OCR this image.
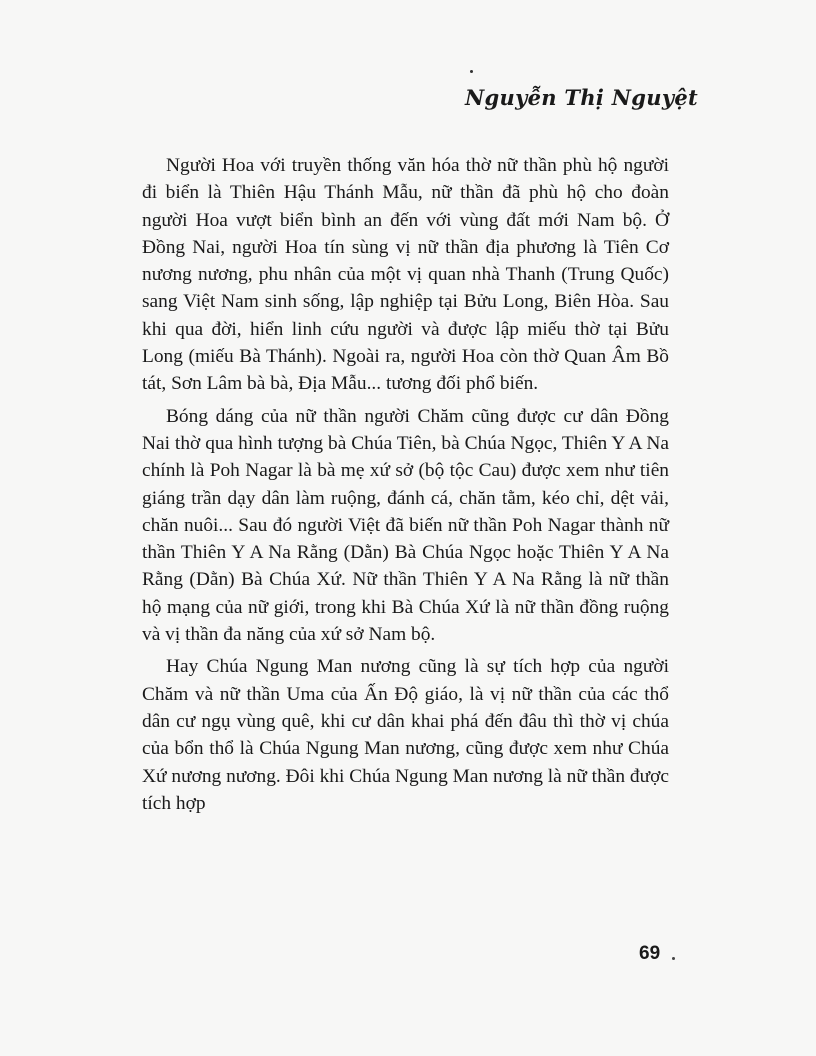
Nguyễn Thị Nguyệt

Người Hoa với truyền thống văn hóa thờ nữ thần phù hộ người đi biển là Thiên Hậu Thánh Mẫu, nữ thần đã phù hộ cho đoàn người Hoa vượt biển bình an đến với vùng đất mới Nam bộ. Ở Đồng Nai, người Hoa tín sùng vị nữ thần địa phương là Tiên Cơ nương nương, phu nhân của một vị quan nhà Thanh (Trung Quốc) sang Việt Nam sinh sống, lập nghiệp tại Bửu Long, Biên Hòa. Sau khi qua đời, hiển linh cứu người và được lập miếu thờ tại Bửu Long (miếu Bà Thánh). Ngoài ra, người Hoa còn thờ Quan Âm Bồ tát, Sơn Lâm bà bà, Địa Mẫu... tương đối phổ biến.

Bóng dáng của nữ thần người Chăm cũng được cư dân Đồng Nai thờ qua hình tượng bà Chúa Tiên, bà Chúa Ngọc, Thiên Y A Na chính là Poh Nagar là bà mẹ xứ sở (bộ tộc Cau) được xem như tiên giáng trần dạy dân làm ruộng, đánh cá, chăn tằm, kéo chỉ, dệt vải, chăn nuôi... Sau đó người Việt đã biến nữ thần Poh Nagar thành nữ thần Thiên Y A Na Rằng (Dằn) Bà Chúa Ngọc hoặc Thiên Y A Na Rằng (Dằn) Bà Chúa Xứ. Nữ thần Thiên Y A Na Rằng là nữ thần hộ mạng của nữ giới, trong khi Bà Chúa Xứ là nữ thần đồng ruộng và vị thần đa năng của xứ sở Nam bộ.

Hay Chúa Ngung Man nương cũng là sự tích hợp của người Chăm và nữ thần Uma của Ấn Độ giáo, là vị nữ thần của các thổ dân cư ngụ vùng quê, khi cư dân khai phá đến đâu thì thờ vị chúa của bổn thổ là Chúa Ngung Man nương, cũng được xem như Chúa Xứ nương nương. Đôi khi Chúa Ngung Man nương là nữ thần được tích hợp

69
